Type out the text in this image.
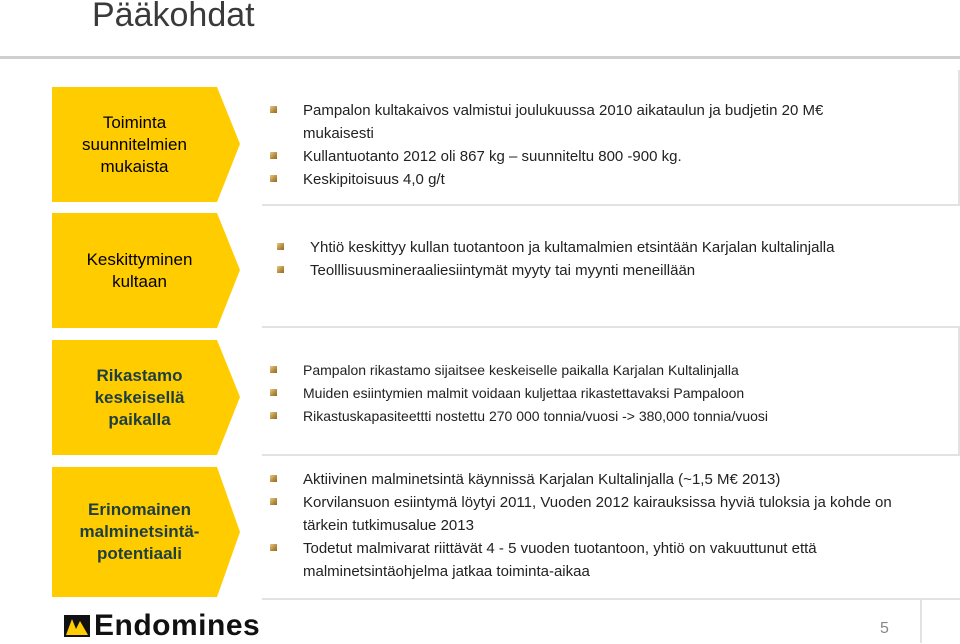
Pääkohdat
Toiminta
suunnitelmien
mukaista
Pampalon kultakaivos valmistui joulukuussa 2010 aikataulun ja budjetin 20 M€ mukaisesti
Kullantuotanto 2012 oli 867 kg – suunniteltu 800 -900 kg.
Keskipitoisuus 4,0 g/t
Keskittyminen
kultaan
Yhtiö keskittyy kullan tuotantoon ja kultamalmien etsintään Karjalan kultalinjalla
Teolllisuusmineraaliesiintymät myyty tai myynti meneillään
Rikastamo
keskeisellä
paikalla
Pampalon rikastamo sijaitsee keskeiselle paikalla Karjalan Kultalinjalla
Muiden esiintymien malmit voidaan kuljettaa rikastettavaksi Pampaloon
Rikastuskapasiteettti nostettu 270 000 tonnia/vuosi -> 380,000 tonnia/vuosi
Erinomainen
malminetsintä-
potentiaali
Aktiivinen malminetsintä käynnissä Karjalan Kultalinjalla (~1,5 M€ 2013)
Korvilansuon esiintymä löytyi 2011, Vuoden 2012 kairauksissa hyviä tuloksia ja kohde on tärkein tutkimusalue 2013
Todetut malmivarat riittävät 4 - 5 vuoden tuotantoon, yhtiö on vakuuttunut että malminetsintäohjelma jatkaa toiminta-aikaa
Endomines	5
